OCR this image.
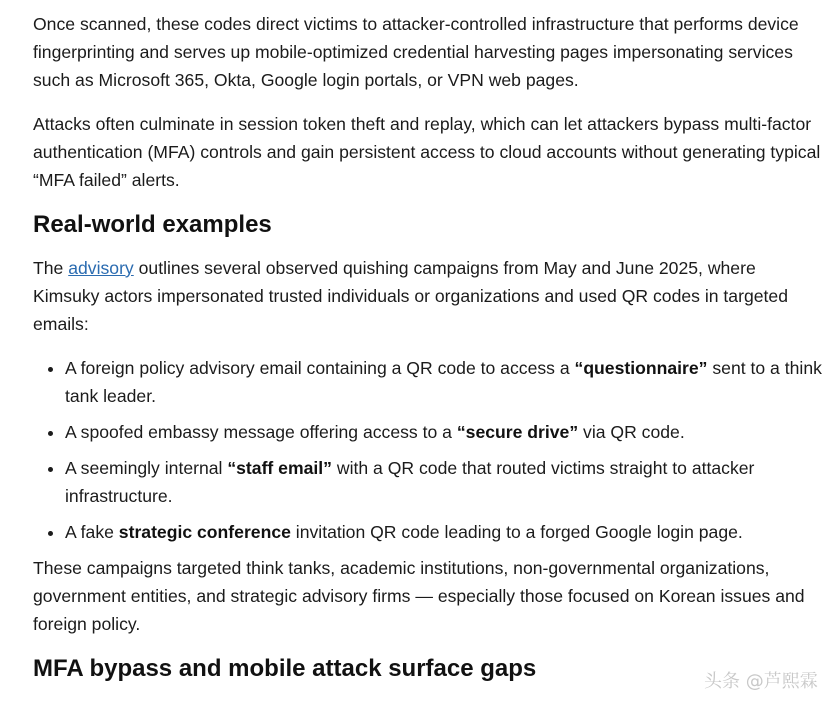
Once scanned, these codes direct victims to attacker-controlled infrastructure that performs device fingerprinting and serves up mobile-optimized credential harvesting pages impersonating services such as Microsoft 365, Okta, Google login portals, or VPN web pages.

Attacks often culminate in session token theft and replay, which can let attackers bypass multi-factor authentication (MFA) controls and gain persistent access to cloud accounts without generating typical “MFA failed” alerts.

Real-world examples

The advisory outlines several observed quishing campaigns from May and June 2025, where Kimsuky actors impersonated trusted individuals or organizations and used QR codes in targeted emails:

• A foreign policy advisory email containing a QR code to access a “questionnaire” sent to a think tank leader.
• A spoofed embassy message offering access to a “secure drive” via QR code.
• A seemingly internal “staff email” with a QR code that routed victims straight to attacker infrastructure.
• A fake strategic conference invitation QR code leading to a forged Google login page.

These campaigns targeted think tanks, academic institutions, non-governmental organizations, government entities, and strategic advisory firms — especially those focused on Korean issues and foreign policy.

MFA bypass and mobile attack surface gaps	头条 @芦熙霖
